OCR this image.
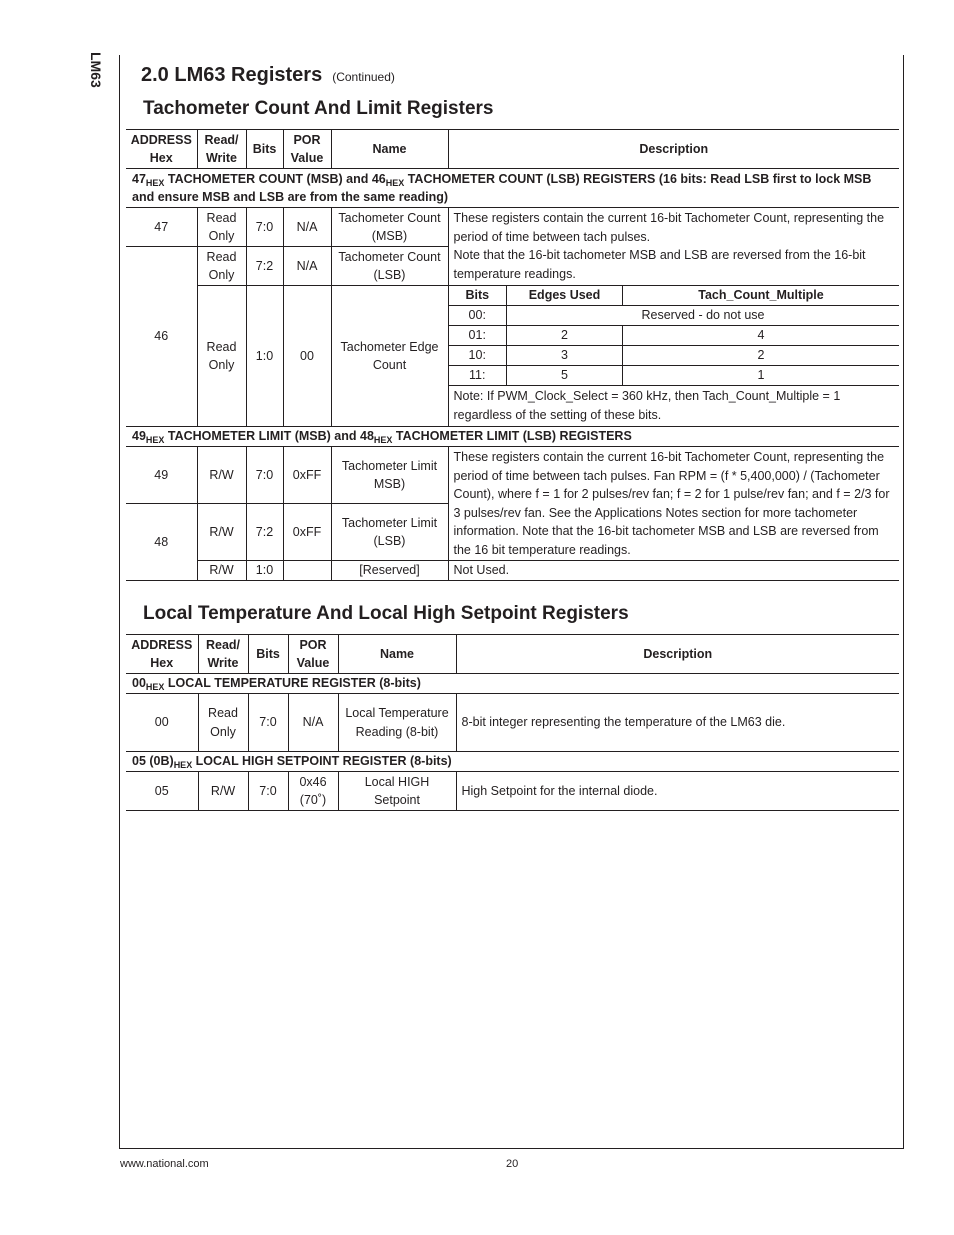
LM63 2.0 LM63 Registers (Continued)
Tachometer Count And Limit Registers
ADDRESS Hex	Read/ Write	Bits	POR Value	Name	Description
$47_{HEX}$ TACHOMETER COUNT (MSB) and $46_{HEX}$ TACHOMETER COUNT (LSB) REGISTERS (16 bits: Read LSB first to lock MSB and ensure MSB and LSB are from the same reading)
47	Read Only	7:0	N/A	Tachometer Count (MSB)	
These registers contain the current 16-bit Tachometer Count, representing the period of time between tach pulses.
Note that the 16-bit tachometer MSB and LSB are reversed from the 16-bit temperature readings.

46	Read Only	7:2	N/A	Tachometer Count (LSB)
Read Only	1:0	00	Tachometer Edge Count	
Bits	Edges Used	Tach_Count_Multiple
00:	Reserved - do not use
01:	2	4
10:	3	2
11:	5	1
Note: If PWM_Clock_Select = 360 kHz, then Tach_Count_Multiple = 1 regardless of the setting of these bits.

$49_{HEX}$ TACHOMETER LIMIT (MSB) and $48_{HEX}$ TACHOMETER LIMIT (LSB) REGISTERS
49	R/W	7:0	0xFF	Tachometer Limit MSB)	These registers contain the current 16-bit Tachometer Count, representing the period of time between tach pulses. Fan RPM = (f * 5,400,000) / (Tachometer Count), where f = 1 for 2 pulses/rev fan; f = 2 for 1 pulse/rev fan; and f = 2/3 for 3 pulses/rev fan. See the Applications Notes section for more tachometer information. Note that the 16-bit tachometer MSB and LSB are reversed from the 16 bit temperature readings.
48	R/W	7:2	0xFF	Tachometer Limit (LSB)
R/W	1:0		[Reserved]	Not Used.
Local Temperature And Local High Setpoint Registers
ADDRESS Hex	Read/ Write	Bits	POR Value	Name	Description
$00_{HEX}$ LOCAL TEMPERATURE REGISTER (8-bits)					
00	Read Only	7:0	N/A	Local Temperature Reading (8-bit)	8-bit integer representing the temperature of the LM63 die.
05 $(0B)_{HEX}$ LOCAL HIGH SETPOINT REGISTER (8-bits)					
05	R/W	7:0	0x46 (70˚)	Local HIGH Setpoint	High Setpoint for the internal diode.
www.national.com	20
